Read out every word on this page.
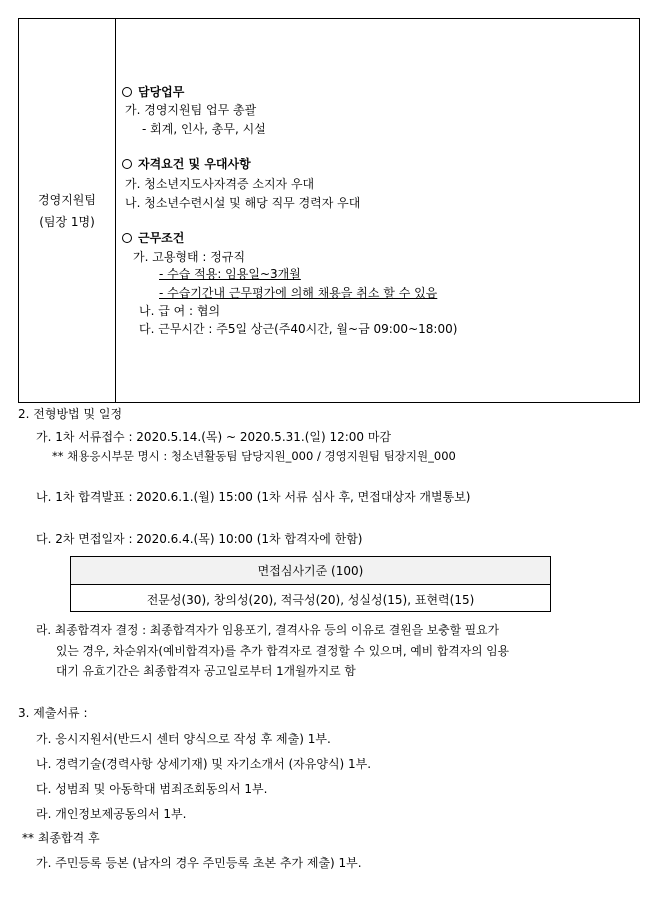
경영지원팀
(팀장 1명)
담당업무
가. 경영지원팀 업무 총괄
- 회계, 인사, 총무, 시설
자격요건 및 우대사항
가. 청소년지도사자격증 소지자 우대
나. 청소년수련시설 및 해당 직무 경력자 우대
근무조건
가. 고용형태 : 정규직
- 수습 적용: 임용일~3개월
- 수습기간내 근무평가에 의해 채용을 취소 할 수 있음
나. 급 여 : 협의
다. 근무시간 : 주5일 상근(주40시간, 월~금 09:00~18:00)
2. 전형방법 및 일정
가. 1차 서류접수 : 2020.5.14.(목) ~ 2020.5.31.(일) 12:00 마감
** 채용응시부문 명시 : 청소년활동팀 담당지원_000 / 경영지원팀 팀장지원_000
나. 1차 합격발표 : 2020.6.1.(월) 15:00 (1차 서류 심사 후, 면접대상자 개별통보)
다. 2차 면접일자 : 2020.6.4.(목) 10:00 (1차 합격자에 한함)
면접심사기준 (100)
전문성(30), 창의성(20), 적극성(20), 성실성(15), 표현력(15)
라. 최종합격자 결정 : 최종합격자가 임용포기, 결격사유 등의 이유로 결원을 보충할 필요가
있는 경우, 차순위자(예비합격자)를 추가 합격자로 결정할 수 있으며, 예비 합격자의 임용
대기 유효기간은 최종합격자 공고일로부터 1개월까지로 함
3. 제출서류 :
가. 응시지원서(반드시 센터 양식으로 작성 후 제출) 1부.
나. 경력기술(경력사항 상세기재) 및 자기소개서 (자유양식) 1부.
다. 성범죄 및 아동학대 범죄조회동의서 1부.
라. 개인정보제공동의서 1부.
** 최종합격 후
가. 주민등록 등본 (남자의 경우 주민등록 초본 추가 제출) 1부.
